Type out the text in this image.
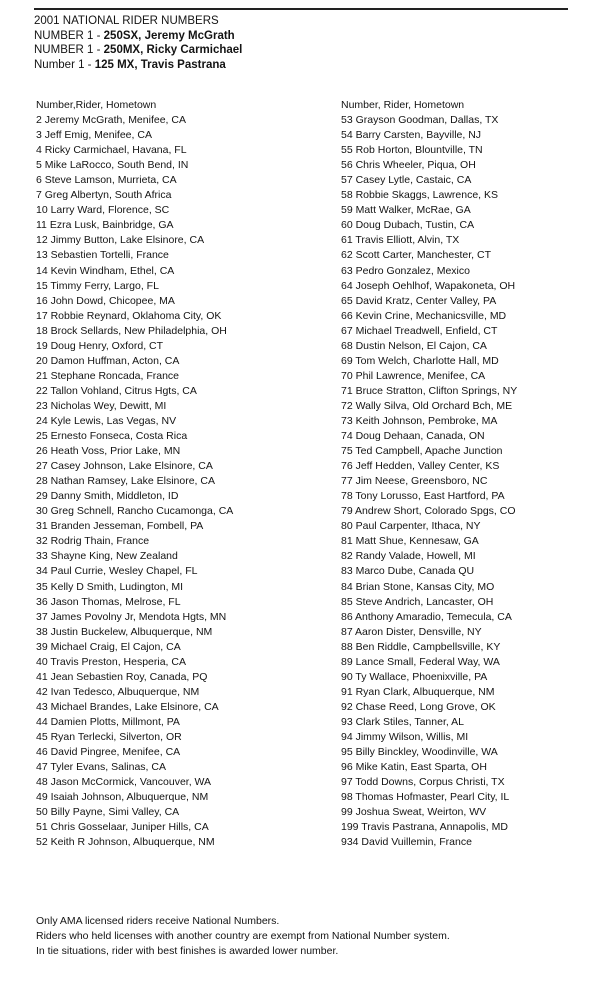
2001 NATIONAL RIDER NUMBERS
NUMBER 1 - 250SX, Jeremy McGrath
NUMBER 1 - 250MX, Ricky Carmichael
Number 1 - 125 MX, Travis Pastrana
Number,Rider, Hometown
2 Jeremy McGrath, Menifee, CA
3 Jeff Emig, Menifee, CA
4 Ricky Carmichael, Havana, FL
5 Mike LaRocco, South Bend, IN
6 Steve Lamson, Murrieta, CA
7 Greg Albertyn, South Africa
10 Larry Ward, Florence, SC
11 Ezra Lusk, Bainbridge, GA
12 Jimmy Button, Lake Elsinore, CA
13 Sebastien Tortelli, France
14 Kevin Windham, Ethel, CA
15 Timmy Ferry, Largo, FL
16 John Dowd, Chicopee, MA
17 Robbie Reynard, Oklahoma City, OK
18 Brock Sellards, New Philadelphia, OH
19 Doug Henry, Oxford, CT
20 Damon Huffman, Acton, CA
21 Stephane Roncada, France
22 Tallon Vohland, Citrus Hgts, CA
23 Nicholas Wey, Dewitt, MI
24 Kyle Lewis, Las Vegas, NV
25 Ernesto Fonseca, Costa Rica
26 Heath Voss, Prior Lake, MN
27 Casey Johnson, Lake Elsinore, CA
28 Nathan Ramsey, Lake Elsinore, CA
29 Danny Smith, Middleton, ID
30 Greg Schnell, Rancho Cucamonga, CA
31 Branden Jesseman, Fombell, PA
32 Rodrig Thain, France
33 Shayne King, New Zealand
34 Paul Currie, Wesley Chapel, FL
35 Kelly D Smith, Ludington, MI
36 Jason Thomas, Melrose, FL
37 James Povolny Jr, Mendota Hgts, MN
38 Justin Buckelew, Albuquerque, NM
39 Michael Craig, El Cajon, CA
40 Travis Preston, Hesperia, CA
41 Jean Sebastien Roy, Canada, PQ
42 Ivan Tedesco, Albuquerque, NM
43 Michael Brandes, Lake Elsinore, CA
44 Damien Plotts, Millmont, PA
45 Ryan Terlecki, Silverton, OR
46 David Pingree, Menifee, CA
47 Tyler Evans, Salinas, CA
48 Jason McCormick, Vancouver, WA
49 Isaiah Johnson, Albuquerque, NM
50 Billy Payne, Simi Valley, CA
51 Chris Gosselaar, Juniper Hills, CA
52 Keith R Johnson, Albuquerque, NM
Number, Rider, Hometown
53 Grayson Goodman, Dallas, TX
54 Barry Carsten, Bayville, NJ
55 Rob Horton, Blountville, TN
56 Chris Wheeler, Piqua, OH
57 Casey Lytle, Castaic, CA
58 Robbie Skaggs, Lawrence, KS
59 Matt Walker, McRae, GA
60 Doug Dubach, Tustin, CA
61 Travis Elliott, Alvin, TX
62 Scott Carter, Manchester, CT
63 Pedro Gonzalez, Mexico
64 Joseph Oehlhof, Wapakoneta, OH
65 David Kratz, Center Valley, PA
66 Kevin Crine, Mechanicsville, MD
67 Michael Treadwell, Enfield, CT
68 Dustin Nelson, El Cajon, CA
69 Tom Welch, Charlotte Hall, MD
70 Phil Lawrence, Menifee, CA
71 Bruce Stratton, Clifton Springs, NY
72 Wally Silva, Old Orchard Bch, ME
73 Keith Johnson, Pembroke, MA
74 Doug Dehaan, Canada, ON
75 Ted Campbell, Apache Junction
76 Jeff Hedden, Valley Center, KS
77 Jim Neese, Greensboro, NC
78 Tony Lorusso, East Hartford, PA
79 Andrew Short, Colorado Spgs, CO
80 Paul Carpenter, Ithaca, NY
81 Matt Shue, Kennesaw, GA
82 Randy Valade, Howell, MI
83 Marco Dube, Canada QU
84 Brian Stone, Kansas City, MO
85 Steve Andrich, Lancaster, OH
86 Anthony Amaradio, Temecula, CA
87 Aaron Dister, Densville, NY
88 Ben Riddle, Campbellsville, KY
89 Lance Small, Federal Way, WA
90 Ty Wallace, Phoenixville, PA
91 Ryan Clark, Albuquerque, NM
92 Chase Reed, Long Grove, OK
93 Clark Stiles, Tanner, AL
94 Jimmy Wilson, Willis, MI
95 Billy Binckley, Woodinville, WA
96 Mike Katin, East Sparta, OH
97 Todd Downs, Corpus Christi, TX
98 Thomas Hofmaster, Pearl City, IL
99 Joshua Sweat, Weirton, WV
199 Travis Pastrana, Annapolis, MD
934 David Vuillemin, France
Only AMA licensed riders receive National Numbers.
Riders who held licenses with another country are exempt from National Number system.
In tie situations, rider with best finishes is awarded lower number.
